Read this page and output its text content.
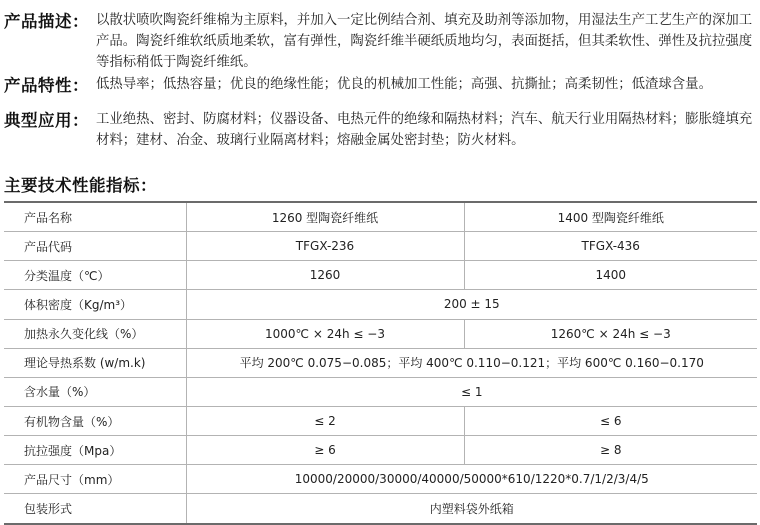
产品描述： 以散状喷吹陶瓷纤维棉为主原料，并加入一定比例结合剂、填充及助剂等添加物，用湿法生产工艺生产的深加工产品。陶瓷纤维软纸质地柔软，富有弹性，陶瓷纤维半硬纸质地均匀，表面挺括，但其柔软性、弹性及抗拉强度等指标稍低于陶瓷纤维纸。
产品特性： 低热导率；低热容量；优良的绝缘性能；优良的机械加工性能；高强、抗撕扯；高柔韧性；低渣球含量。
典型应用： 工业绝热、密封、防腐材料；仪器设备、电热元件的绝缘和隔热材料；汽车、航天行业用隔热材料；膨胀缝填充材料；建材、冶金、玻璃行业隔离材料；熔融金属处密封垫；防火材料。
主要技术性能指标：
产品名称	1260 型陶瓷纤维纸	1400 型陶瓷纤维纸
产品代码	TFGX-236	TFGX-436
分类温度（℃）	1260	1400
体积密度（Kg/m³）	200 ± 15	
加热永久变化线（%）	1000℃ × 24h ≤ −3	1260℃ × 24h ≤ −3
理论导热系数 (w/m.k)	平均 200℃ 0.075−0.085；平均 400℃ 0.110−0.121；平均 600℃ 0.160−0.170	
含水量（%）	≤ 1	
有机物含量（%）	≤ 2	≤ 6
抗拉强度（Mpa）	≥ 6	≥ 8
产品尺寸（mm）	10000/20000/30000/40000/50000*610/1220*0.7/1/2/3/4/5	
包装形式	内塑料袋外纸箱	
